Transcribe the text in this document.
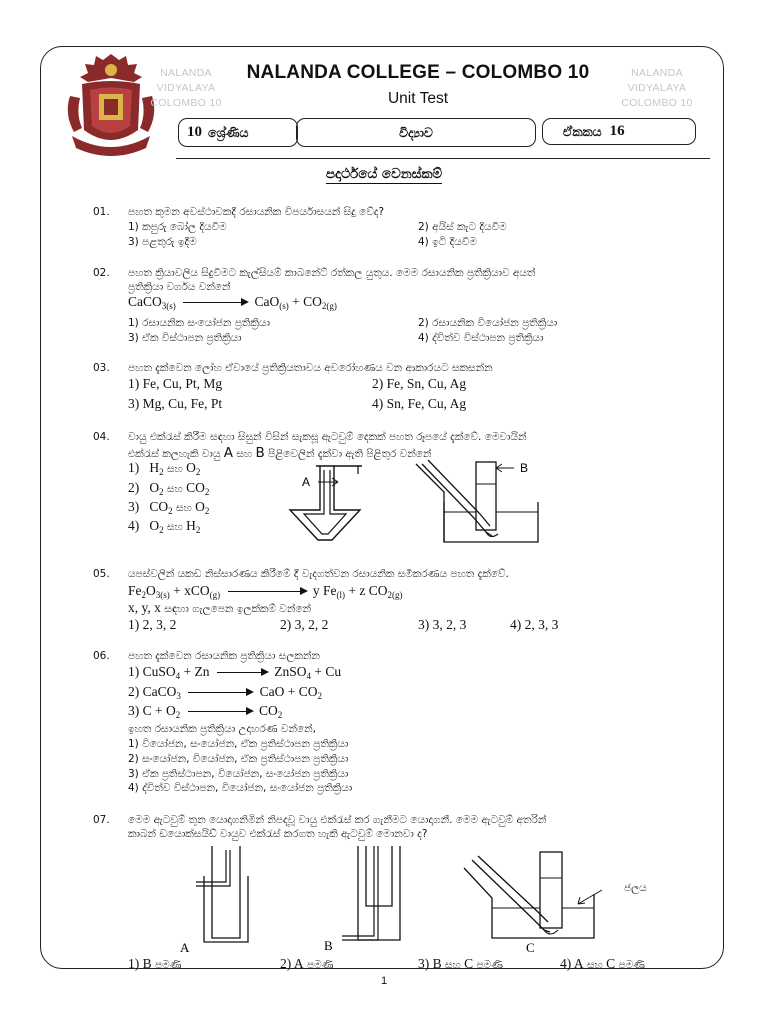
NALANDA
VIDYALAYA
COLOMBO 10
NALANDA
VIDYALAYA
COLOMBO 10
NALANDA COLLEGE – COLOMBO 10
Unit Test
10 ශ්‍රේණිය	විද්‍යාව	ඒකකය 16
පදාර්ථයේ වෙනස්කම්
01. පහත කුමන අවස්ථාවකදී රසායනික විපර්යාසයන් සිදු වේද?
1) කපුරු බෝල දියවීම	2) අයිස් කැට දියවීම
3) පළතුරු ඉදීම	4) ඉටි දියවීම
02. පහත ක්‍රියාවලිය සිදුවීමට කැල්සියම් කාබනේට් රත්කල යුතුය. මෙම රසායනික ප්‍රතික්‍රියාව අයත්
ප්‍රතික්‍රියා වර්ගය වන්නේ
CaCO$_{3(s)}$	$CaO_{(s)} + CO_{2(g)}$
1) රසායනික සංයෝජන ප්‍රතික්‍රියා	2) රසායනික වියෝජන ප්‍රතික්‍රියා
3) ඒක විස්ථාපන ප්‍රතික්‍රියා	4) ද්විත්ව විස්ථාපන ප්‍රතික්‍රියා
03. පහත දැක්වෙන ලෝහ ඒවායේ ප්‍රතික්‍රියතාවය අවරෝහණය වන ආකාරයට සකසන්න
1) Fe, Cu, Pt, Mg	2) Fe, Sn, Cu, Ag
3) Mg, Cu, Fe, Pt	4) Sn, Fe, Cu, Ag
04. වායු එක්රැස් කිරීම සඳහා සිසුන් විසින් සැකසූ ඇටවුම් දෙකක් පහත රූපයේ දැක්වේ. මෙවායින්
එක්රැස් කලහැකි වායු A සහ B පිළිවෙලින් දැක්වා ඇති පිළිතුර වන්නේ
1) $H_2$ සහ $O_2$
2) $O_2$ සහ $CO_2$
3) $CO_2$ සහ $O_2$
4) $O_2$ සහ $H_2$
A
B
05. යපස්වලින් යකඩ නිස්සාරණය කිරීමේ දී වැදගත්වන රසායනික සමීකරණය පහත දැක්වේ.
$Fe_2O_{3(s)} + xCO_{(g)}$	y $Fe_{(l)} + z$ $CO_{2(g)}$
x, y, x සඳහා ගැලපෙන ඉලක්කම් වන්නේ
1) 2, 3, 2	2) 3, 2, 2	3) 3, 2, 3	4) 2, 3, 3
06. පහත දැක්වෙන රසායනික ප්‍රතික්‍රියා සලකන්න
1) CuSO$_4$ + Zn → ZnSO$_4$ + Cu
2) CaCO$_3$	CaO + $CO_2$
3) $C + O_2$	$CO_2$
ඉහත රසායනික ප්‍රතික්‍රියා උදාහරණ වන්නේ,
1) වියෝජන, සංයෝජන, ඒක ප්‍රතිස්ථාපන ප්‍රතික්‍රියා
2) සංයෝජන, වියෝජන, ඒක ප්‍රතිස්ථාපන ප්‍රතික්‍රියා
3) ඒක ප්‍රතිස්ථාපන, වියෝජන, සංයෝජන ප්‍රතික්‍රියා
4) ද්විත්ව විස්ථාපන, වියෝජන, සංයෝජන ප්‍රතික්‍රියා
07. මෙම ඇටවුම් තුන යොදාගනිමින් නිපදවූ වායු එක්රැස් කර ගැනීමට යොදාගනී. මෙම ඇටවුම් අතරින්
කාබන් ඩයොක්සයිඩ් වායුව එක්රැස් කරගත හැකි ඇටවුම් මොනවා ද?
A	B	C
ජලය
1) B පමණි	2) A පමණි	3) B සහ C පමණි	4) A සහ C පමණි
1
